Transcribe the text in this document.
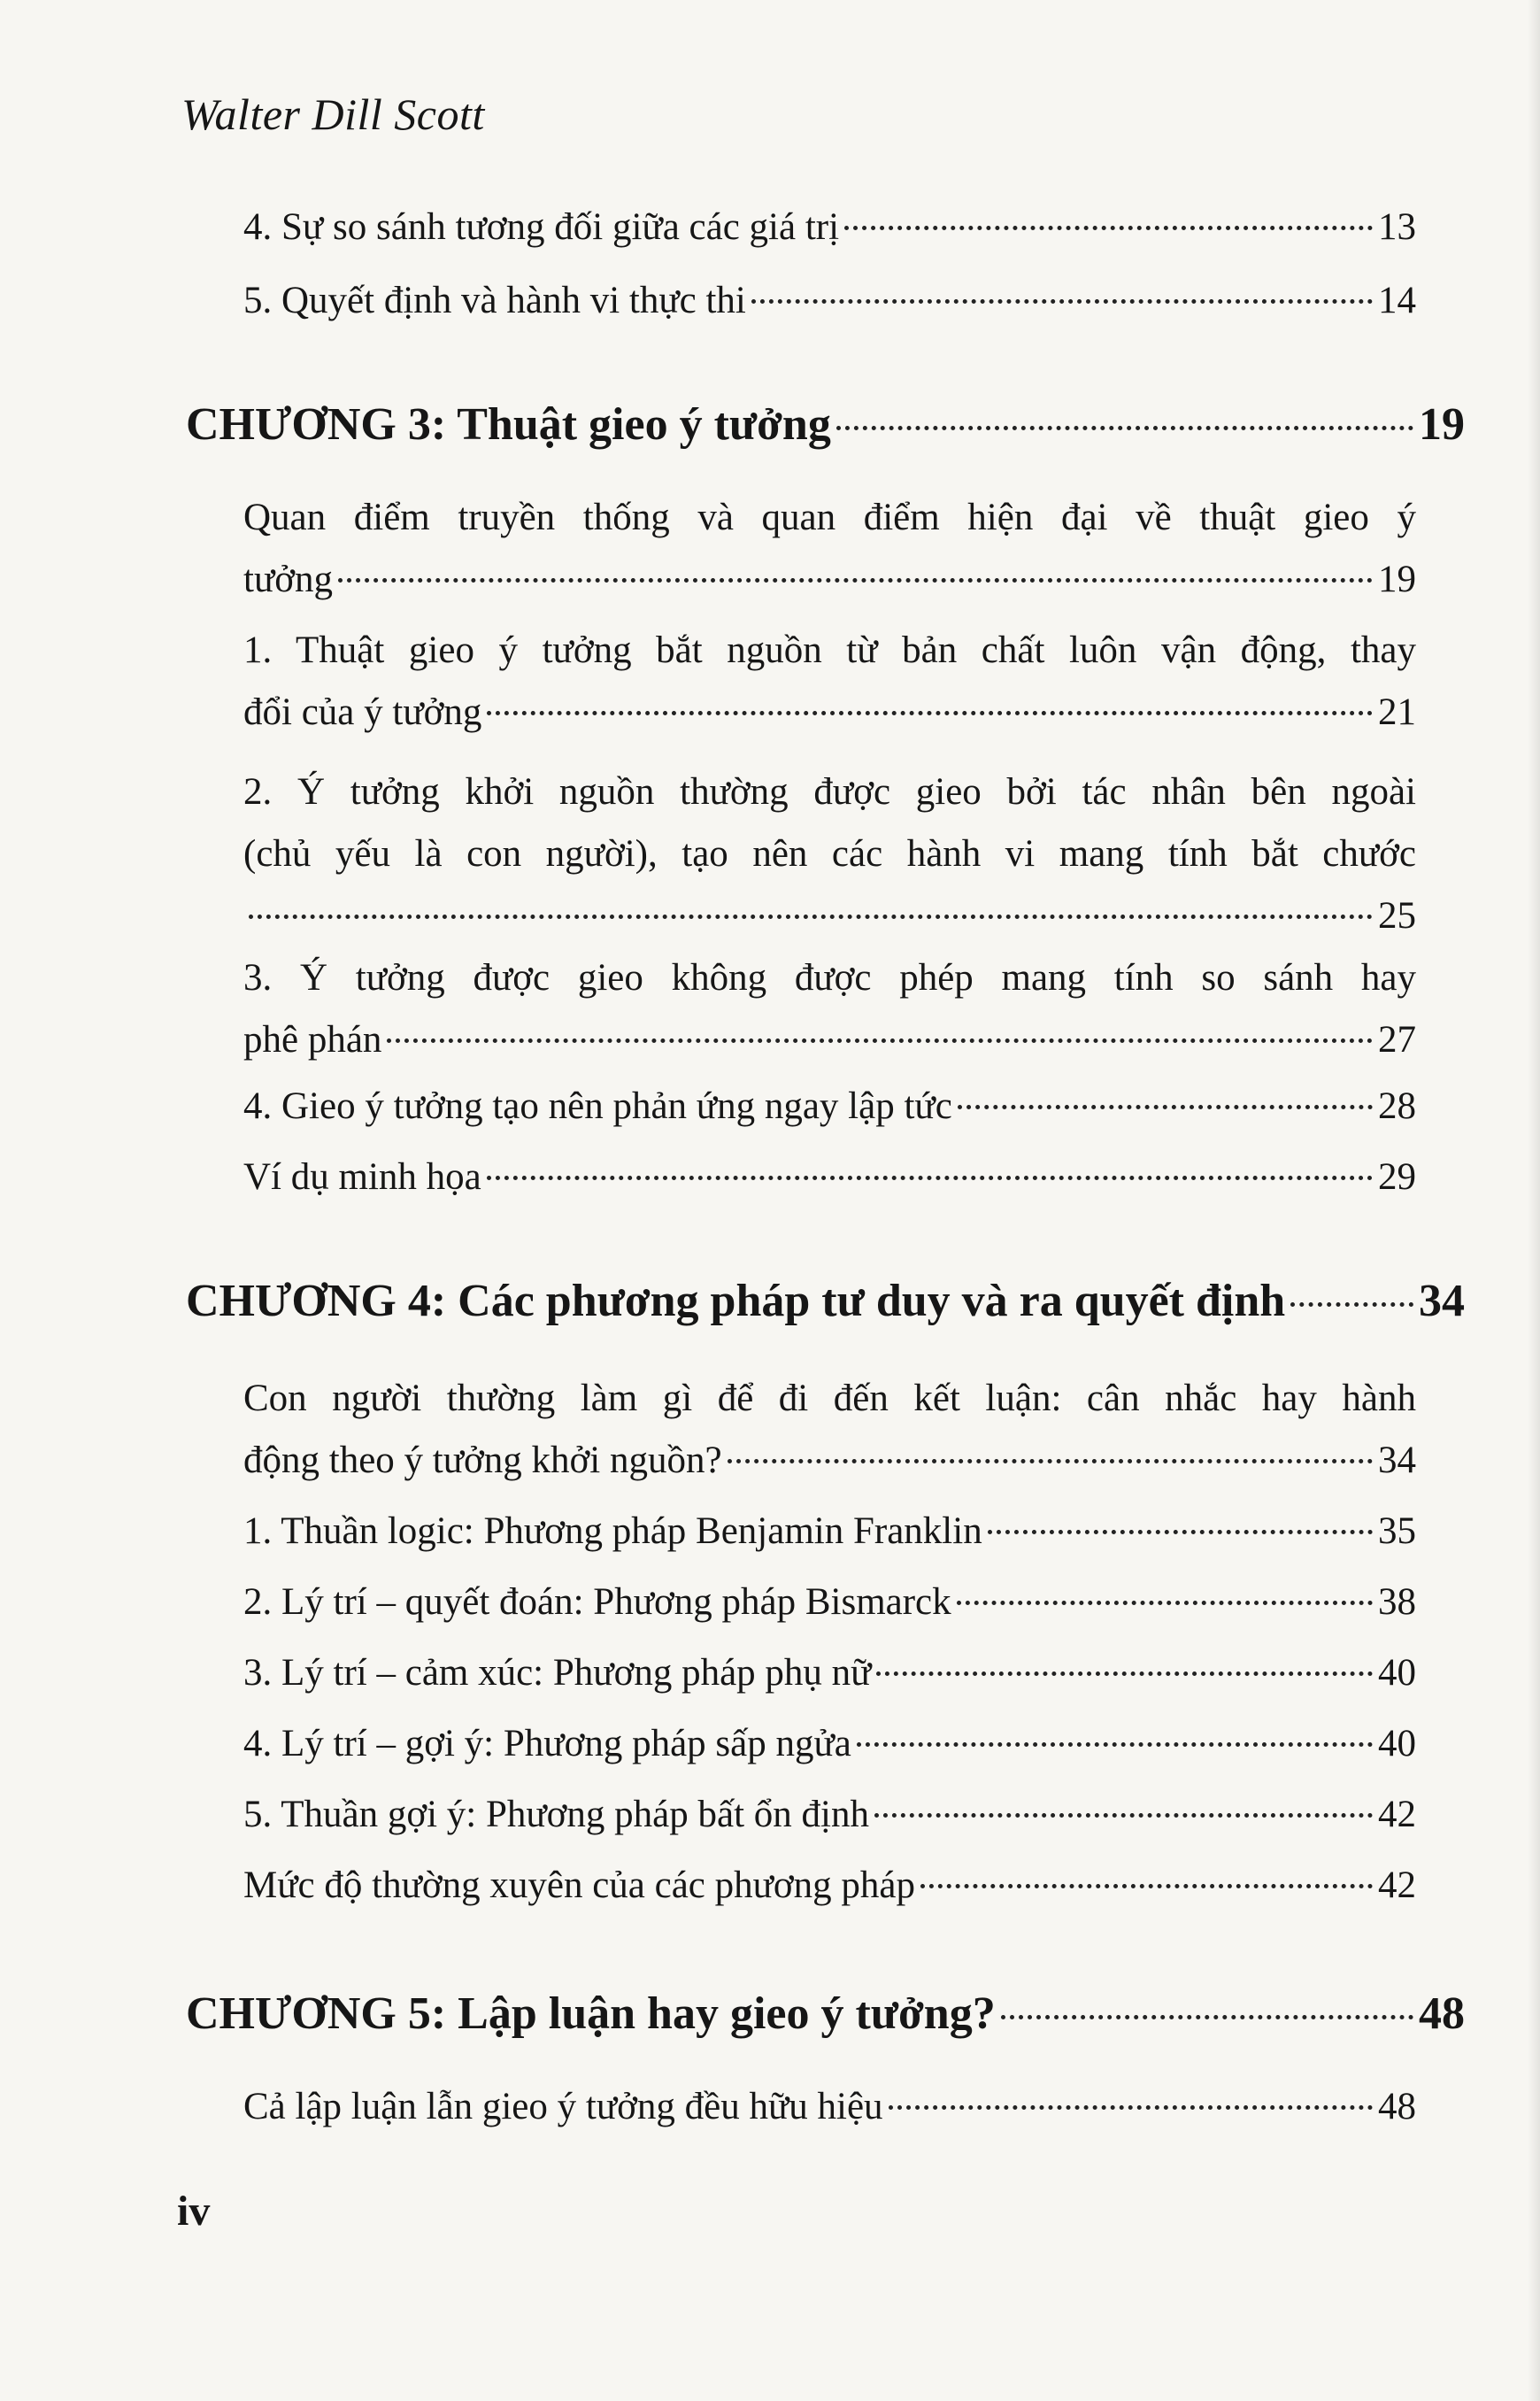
Walter Dill Scott
4. Sự so sánh tương đối giữa các giá trị	13
5. Quyết định và hành vi thực thi	14
CHƯƠNG 3: Thuật gieo ý tưởng	19
Quan điểm truyền thống và quan điểm hiện đại về thuật gieo ý
tưởng	19
1. Thuật gieo ý tưởng bắt nguồn từ bản chất luôn vận động, thay
đổi của ý tưởng	21
2. Ý tưởng khởi nguồn thường được gieo bởi tác nhân bên ngoài
(chủ yếu là con người), tạo nên các hành vi mang tính bắt chước
25
3. Ý tưởng được gieo không được phép mang tính so sánh hay
phê phán	27
4. Gieo ý tưởng tạo nên phản ứng ngay lập tức	28
Ví dụ minh họa	29
CHƯƠNG 4: Các phương pháp tư duy và ra quyết định	34
Con người thường làm gì để đi đến kết luận: cân nhắc hay hành
động theo ý tưởng khởi nguồn?	34
1. Thuần logic: Phương pháp Benjamin Franklin	35
2. Lý trí – quyết đoán: Phương pháp Bismarck	38
3. Lý trí – cảm xúc: Phương pháp phụ nữ	40
4. Lý trí – gợi ý: Phương pháp sấp ngửa	40
5. Thuần gợi ý: Phương pháp bất ổn định	42
Mức độ thường xuyên của các phương pháp	42
CHƯƠNG 5: Lập luận hay gieo ý tưởng?	48
Cả lập luận lẫn gieo ý tưởng đều hữu hiệu	48
iv
